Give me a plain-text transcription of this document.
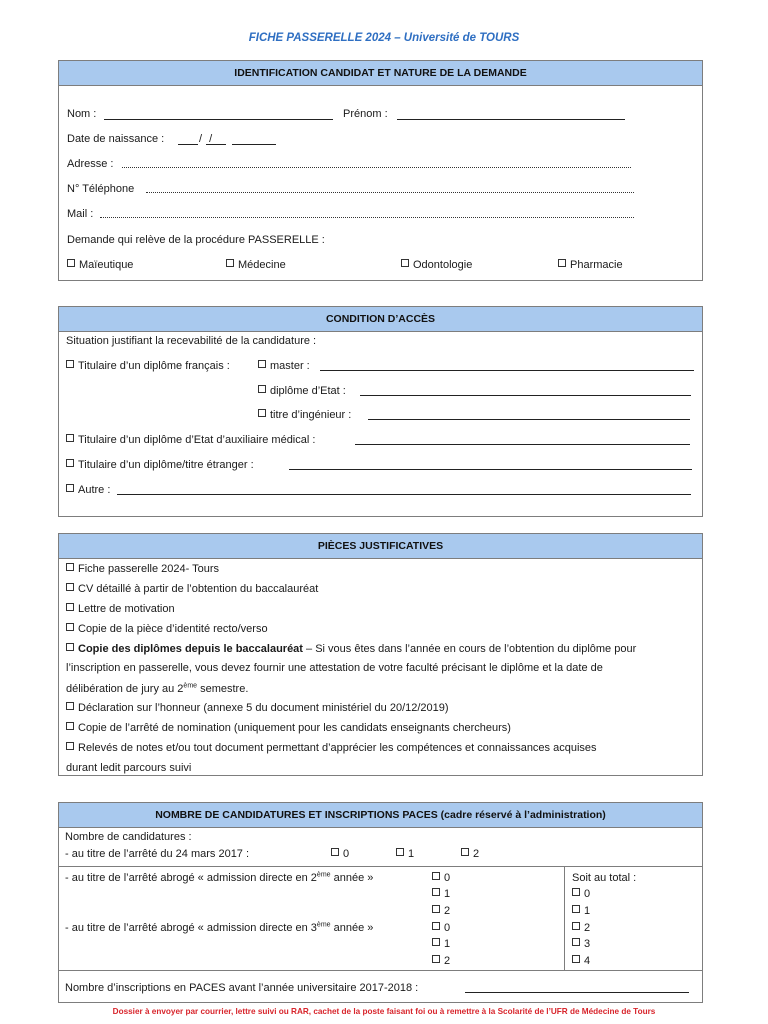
FICHE PASSERELLE 2024 – Université de TOURS
IDENTIFICATION CANDIDAT ET NATURE DE LA DEMANDE
Nom :	Prénom :
Date de naissance :	/ /
Adresse :
N° Téléphone
Mail :
Demande qui relève de la procédure PASSERELLE :
Maïeutique	Médecine	Odontologie	Pharmacie
CONDITION D’ACCÈS
Situation justifiant la recevabilité de la candidature :
Titulaire d’un diplôme français :	master :
diplôme d’Etat :
titre d’ingénieur :
Titulaire d’un diplôme d’Etat d’auxiliaire médical :
Titulaire d’un diplôme/titre étranger :
Autre :
PIÈCES JUSTIFICATIVES
Fiche passerelle 2024- Tours
CV détaillé à partir de l’obtention du baccalauréat
Lettre de motivation
Copie de la pièce d’identité recto/verso
Copie des diplômes depuis le baccalauréat – Si vous êtes dans l’année en cours de l’obtention du diplôme pour
l’inscription en passerelle, vous devez fournir une attestation de votre faculté précisant le diplôme et la date de
délibération de jury au 2ème semestre.
Déclaration sur l’honneur (annexe 5 du document ministériel du 20/12/2019)
Copie de l’arrêté de nomination (uniquement pour les candidats enseignants chercheurs)
Relevés de notes et/ou tout document permettant d’apprécier les compétences et connaissances acquises
durant ledit parcours suivi
NOMBRE DE CANDIDATURES ET INSCRIPTIONS PACES (cadre réservé à l’administration)
Nombre de candidatures :
- au titre de l’arrêté du 24 mars 2017 :	0	1	2
- au titre de l’arrêté abrogé « admission directe en 2ème année »	0
1
2
- au titre de l’arrêté abrogé « admission directe en 3ème année »	0
1
2
Soit au total :
0
1
2
3
4
Nombre d’inscriptions en PACES avant l’année universitaire 2017-2018 :
Dossier à envoyer par courrier, lettre suivi ou RAR, cachet de la poste faisant foi ou à remettre à la Scolarité de l’UFR de Médecine de Tours
